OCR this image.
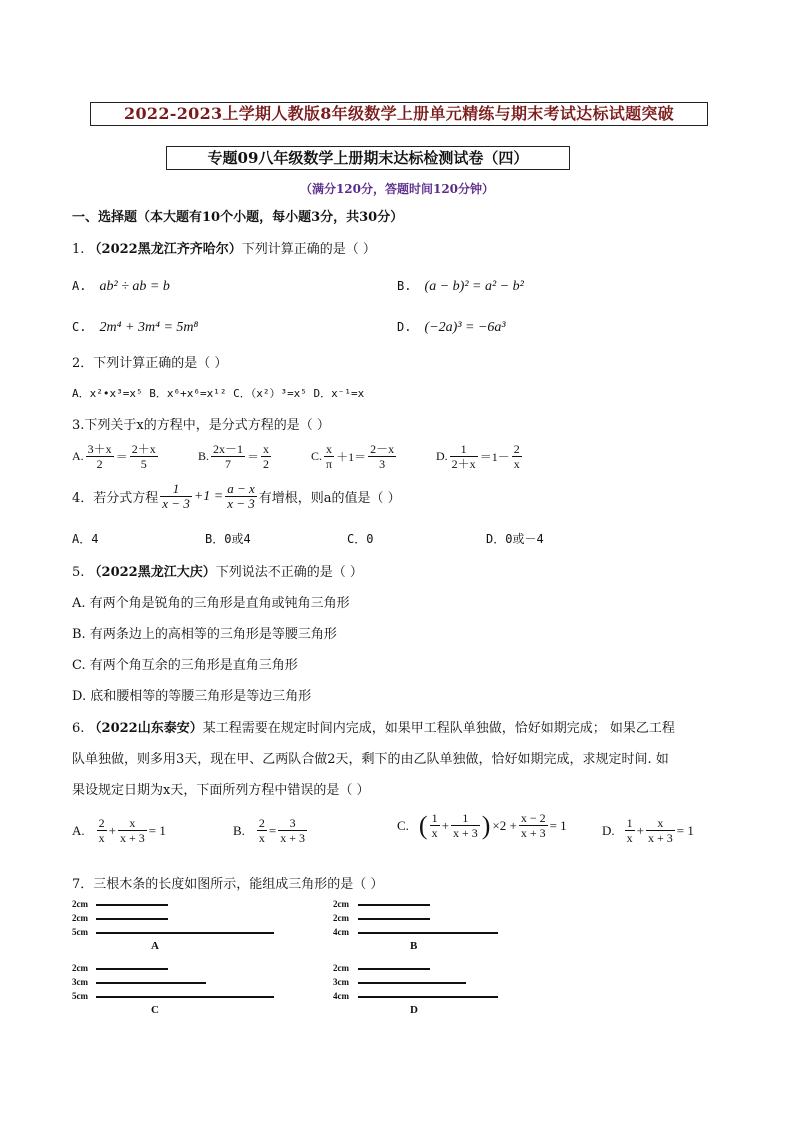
2022-2023上学期人教版8年级数学上册单元精练与期末考试达标试题突破
专题09八年级数学上册期末达标检测试卷（四）
（满分120分，答题时间120分钟）
一、选择题（本大题有10个小题，每小题3分，共30分）
1. （2022黑龙江齐齐哈尔）下列计算正确的是（ ）
A. ab² ÷ ab = b	B. (a − b)² = a² − b²
C. 2m⁴ + 3m⁴ = 5m⁸	D. (−2a)³ = −6a³
2．下列计算正确的是（ ）
A．x²•x³=x⁵ B．x⁶+x⁶=x¹² C．（x²）³=x⁵ D．x⁻¹=x
3.下列关于x的方程中，是分式方程的是（ ）
A. $\frac{3+x}{2} = \frac{2+x}{5}$	B. $\frac{2x-1}{7} = \frac{x}{2}$	C. $\frac{x}{\pi} +1= \frac{2-x}{3}$	D. $\frac{1}{2+x} =1- \frac{2}{x}$
4．若分式方程 $\frac{1}{x - 3} +1 = \frac{a - x}{x - 3}$ 有增根，则a的值是（ ）
A．4	B．0或4	C．0	D．0或－4
5. （2022黑龙江大庆）下列说法不正确的是（ ）
A. 有两个角是锐角的三角形是直角或钝角三角形
B. 有两条边上的高相等的三角形是等腰三角形
C. 有两个角互余的三角形是直角三角形
D. 底和腰相等的等腰三角形是等边三角形
6. （2022山东泰安）某工程需要在规定时间内完成，如果甲工程队单独做，恰好如期完成； 如果乙工程
队单独做，则多用3天，现在甲、乙两队合做2天，剩下的由乙队单独做，恰好如期完成，求规定时间. 如
果设规定日期为x天，下面所列方程中错误的是（ ）
A. $\frac{2}{x} + \frac{x}{x + 3} = 1$	B. $\frac{2}{x} = \frac{3}{x + 3}$	C. ( $\frac{1}{x} + \frac{1}{x + 3}$ ) $\times 2 + \frac{x - 2}{x + 3} = 1$	D. $\frac{1}{x} + \frac{x}{x + 3} = 1$
7．三根木条的长度如图所示，能组成三角形的是（ ）
2cm
2cm
5cm
A
2cm
2cm
4cm
B
2cm
3cm
5cm
C
2cm
3cm
4cm
D
